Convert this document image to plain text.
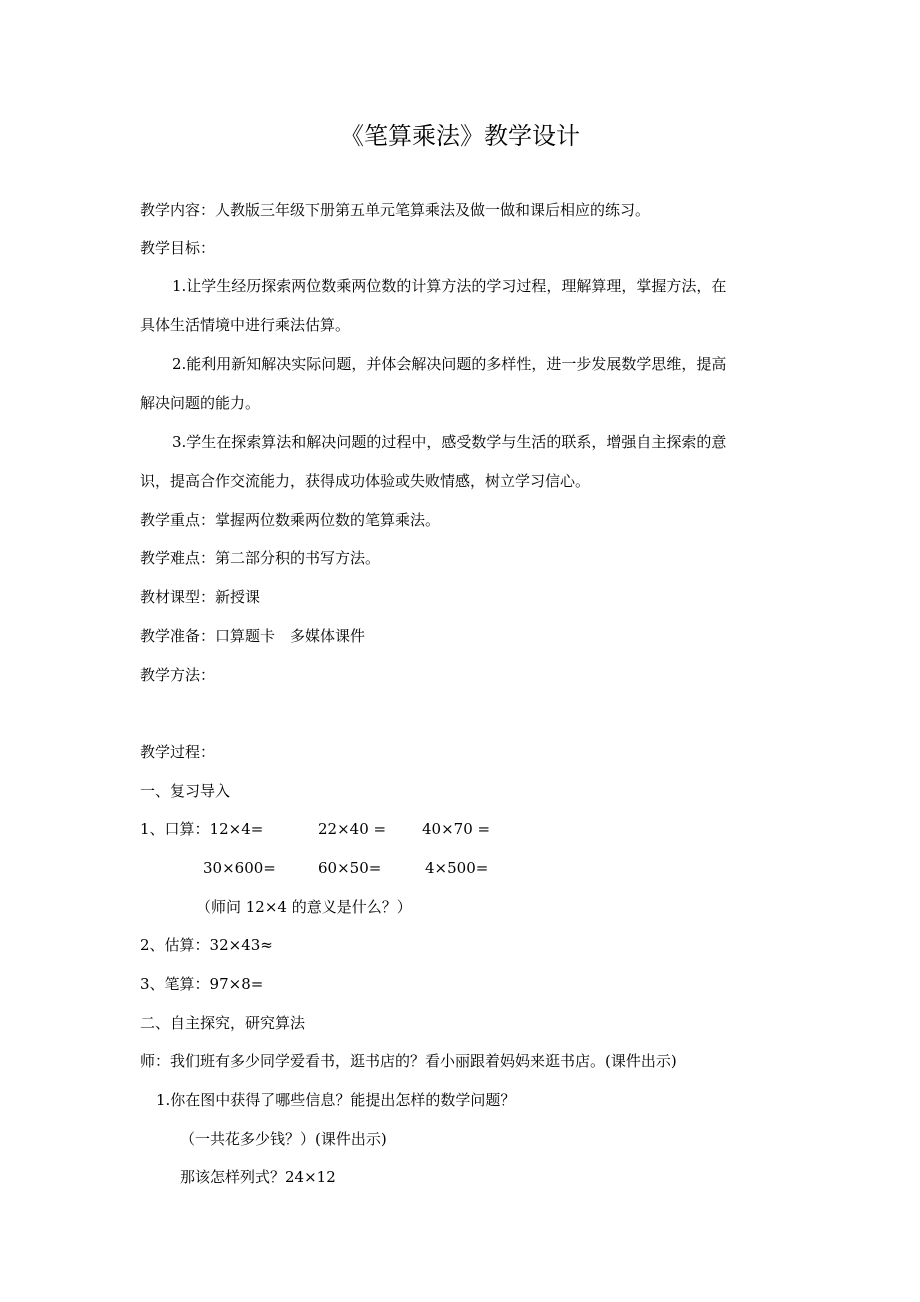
《笔算乘法》教学设计
教学内容：人教版三年级下册第五单元笔算乘法及做一做和课后相应的练习。
教学目标：
1.让学生经历探索两位数乘两位数的计算方法的学习过程，理解算理，掌握方法，在
具体生活情境中进行乘法估算。
2.能利用新知解决实际问题，并体会解决问题的多样性，进一步发展数学思维，提高
解决问题的能力。
3.学生在探索算法和解决问题的过程中，感受数学与生活的联系，增强自主探索的意
识，提高合作交流能力，获得成功体验或失败情感，树立学习信心。
教学重点：掌握两位数乘两位数的笔算乘法。
教学难点：第二部分积的书写方法。
教材课型：新授课
教学准备：口算题卡　多媒体课件
教学方法：
教学过程：
一、复习导入
1、口算：12×4=	22×40 = 40×70 =
30×600=	60×50=	4×500=
（师问 12×4 的意义是什么？）
2、估算：32×43≈
3、笔算：97×8=
二、自主探究，研究算法
师：我们班有多少同学爱看书，逛书店的？看小丽跟着妈妈来逛书店。(课件出示)
1.你在图中获得了哪些信息？能提出怎样的数学问题？
（一共花多少钱？）(课件出示)
那该怎样列式？24×12
